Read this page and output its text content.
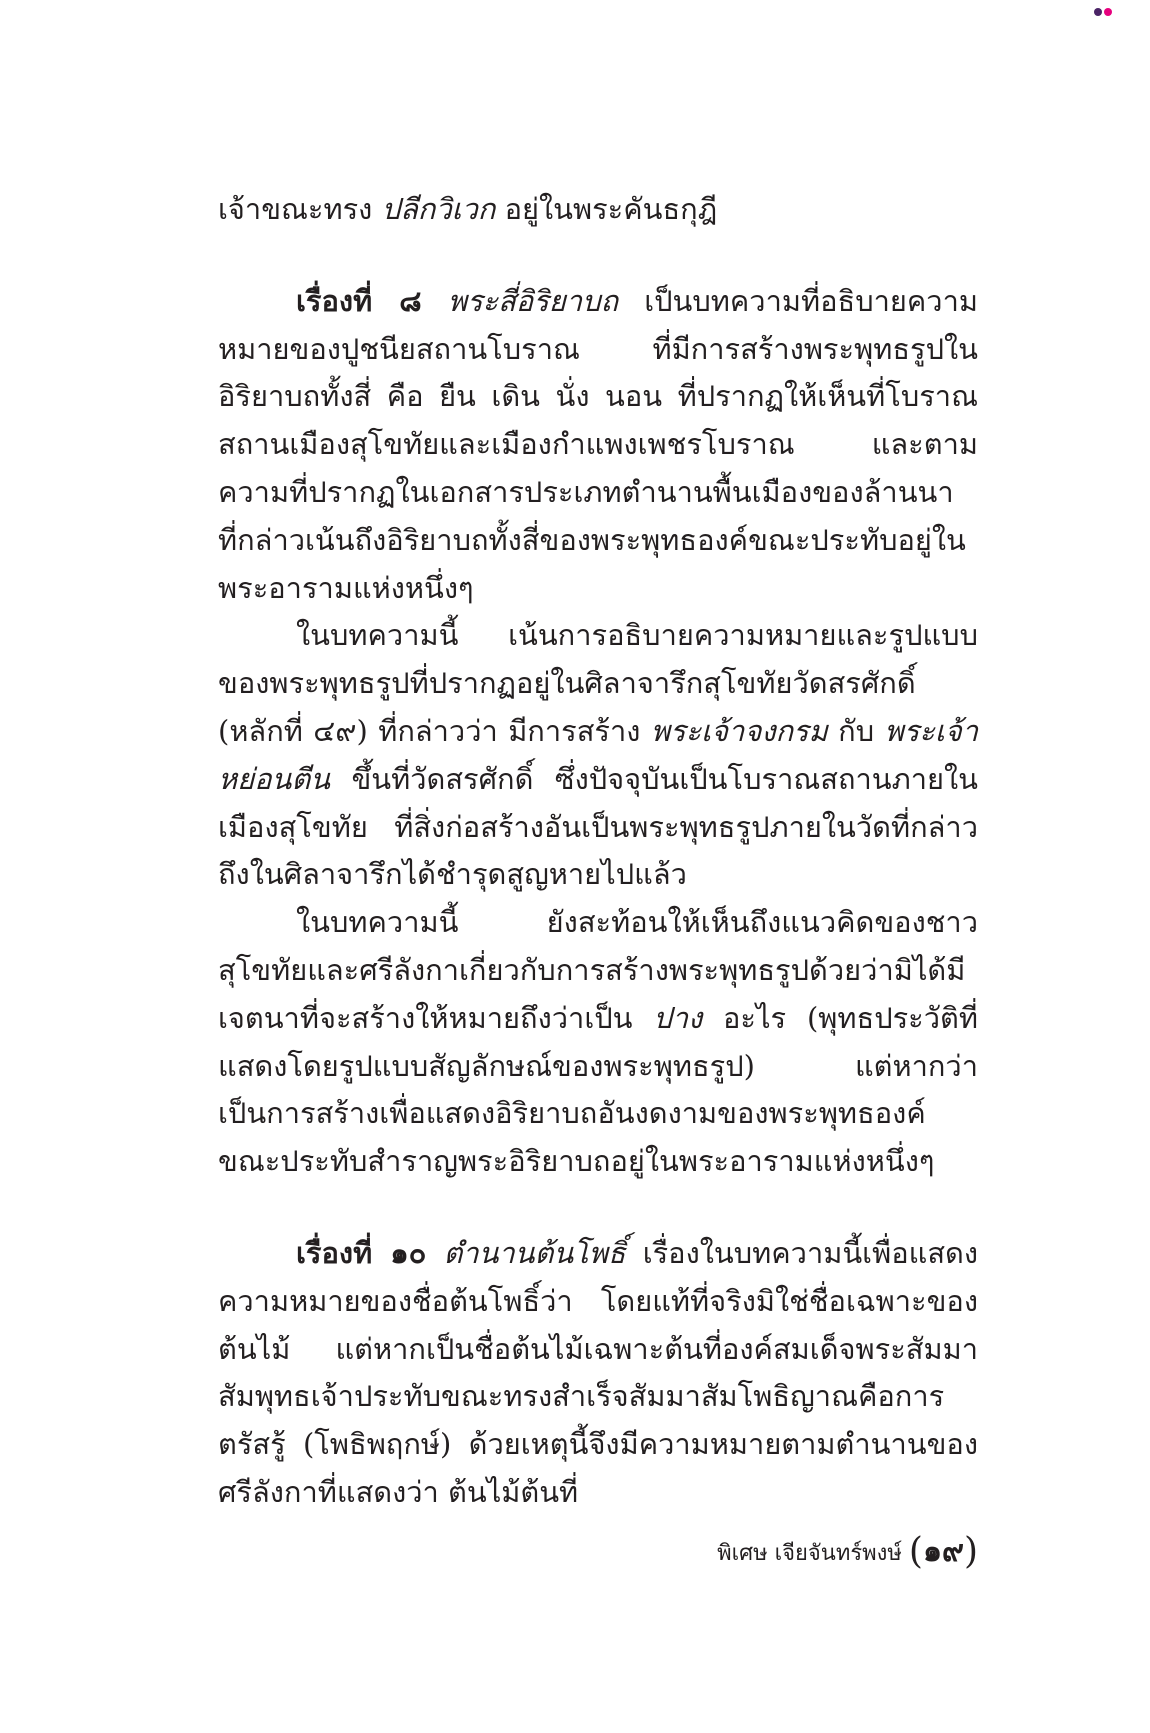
เจ้าขณะทรง ปลีกวิเวก อยู่ในพระคันธกุฎี

เรื่องที่ ๘ พระสี่อิริยาบถ เป็นบทความที่อธิบายความหมายของปูชนียสถานโบราณ ที่มีการสร้างพระพุทธรูปในอิริยาบถทั้งสี่ คือ ยืน เดิน นั่ง นอน ที่ปรากฏให้เห็นที่โบราณสถานเมืองสุโขทัยและเมืองกำแพงเพชรโบราณ และตามความที่ปรากฏในเอกสารประเภทตำนานพื้นเมืองของล้านนา ที่กล่าวเน้นถึงอิริยาบถทั้งสี่ของพระพุทธองค์ขณะประทับอยู่ในพระอารามแห่งหนึ่งๆ

ในบทความนี้ เน้นการอธิบายความหมายและรูปแบบของพระพุทธรูปที่ปรากฏอยู่ในศิลาจารึกสุโขทัยวัดสรศักดิ์ (หลักที่ ๔๙) ที่กล่าวว่า มีการสร้าง พระเจ้าจงกรม กับ พระเจ้าหย่อนตีน ขึ้นที่วัดสรศักดิ์ ซึ่งปัจจุบันเป็นโบราณสถานภายในเมืองสุโขทัย ที่สิ่งก่อสร้างอันเป็นพระพุทธรูปภายในวัดที่กล่าวถึงในศิลาจารึกได้ชำรุดสูญหายไปแล้ว

ในบทความนี้ ยังสะท้อนให้เห็นถึงแนวคิดของชาวสุโขทัยและศรีลังกาเกี่ยวกับการสร้างพระพุทธรูปด้วยว่ามิได้มีเจตนาที่จะสร้างให้หมายถึงว่าเป็น ปาง อะไร (พุทธประวัติที่แสดงโดยรูปแบบสัญลักษณ์ของพระพุทธรูป) แต่หากว่าเป็นการสร้างเพื่อแสดงอิริยาบถอันงดงามของพระพุทธองค์ขณะประทับสำราญพระอิริยาบถอยู่ในพระอารามแห่งหนึ่งๆ

เรื่องที่ ๑๐ ตำนานต้นโพธิ์ เรื่องในบทความนี้เพื่อแสดงความหมายของชื่อต้นโพธิ์ว่า โดยแท้ที่จริงมิใช่ชื่อเฉพาะของต้นไม้ แต่หากเป็นชื่อต้นไม้เฉพาะต้นที่องค์สมเด็จพระสัมมาสัมพุทธเจ้าประทับขณะทรงสำเร็จสัมมาสัมโพธิญาณคือการตรัสรู้ (โพธิพฤกษ์) ด้วยเหตุนี้จึงมีความหมายตามตำนานของศรีลังกาที่แสดงว่า ต้นไม้ต้นที่

พิเศษ เจียจันทร์พงษ์ (๑๙)
